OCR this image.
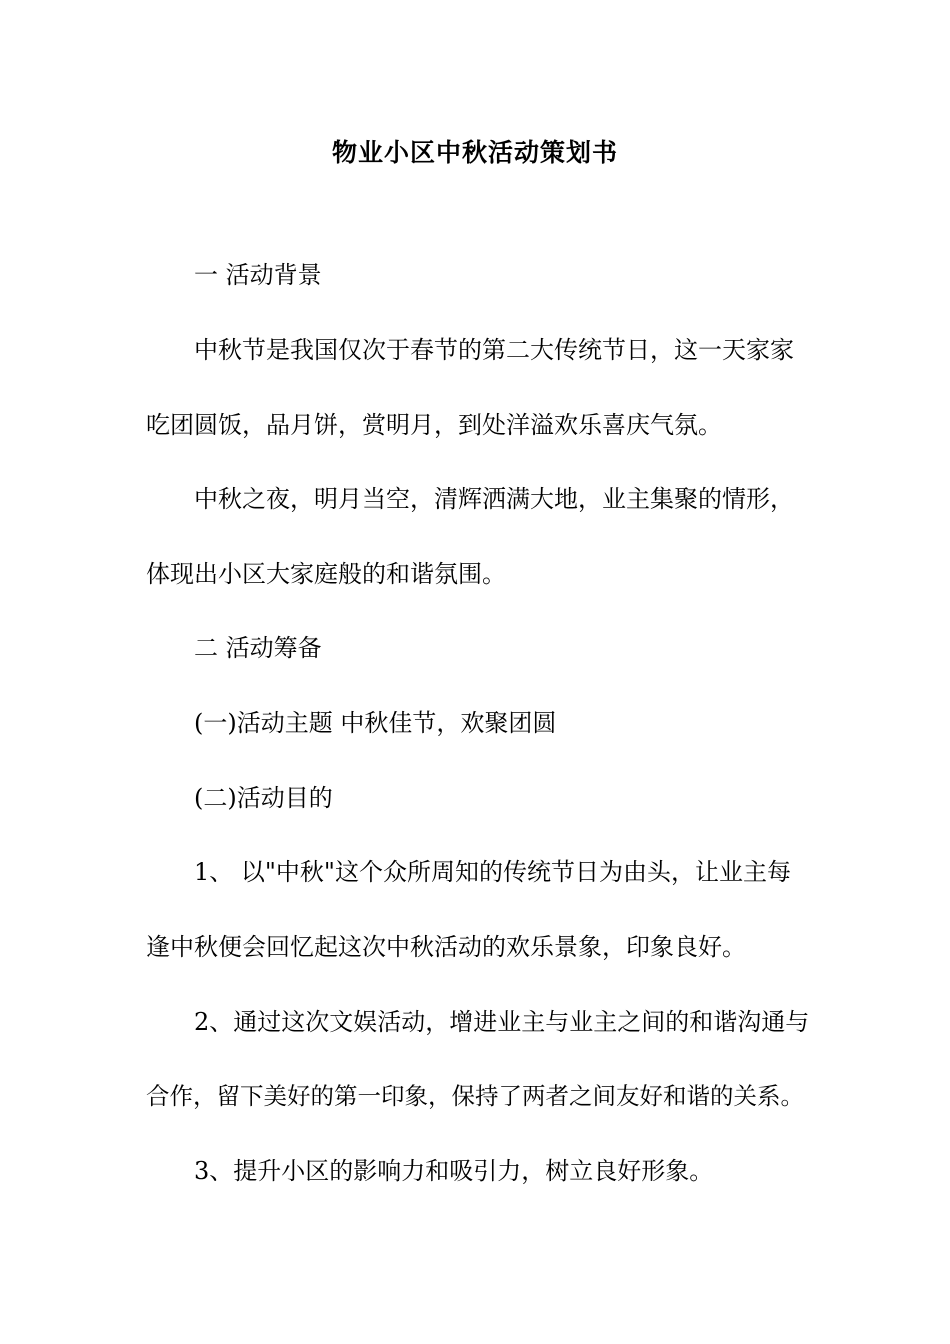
物业小区中秋活动策划书
一 活动背景
中秋节是我国仅次于春节的第二大传统节日，这一天家家
吃团圆饭，品月饼，赏明月，到处洋溢欢乐喜庆气氛。
中秋之夜，明月当空，清辉洒满大地，业主集聚的情形，
体现出小区大家庭般的和谐氛围。
二 活动筹备
(一)活动主题 中秋佳节，欢聚团圆
(二)活动目的
1、 以"中秋"这个众所周知的传统节日为由头，让业主每
逢中秋便会回忆起这次中秋活动的欢乐景象，印象良好。
2、通过这次文娱活动，增进业主与业主之间的和谐沟通与
合作，留下美好的第一印象，保持了两者之间友好和谐的关系。
3、提升小区的影响力和吸引力，树立良好形象。
